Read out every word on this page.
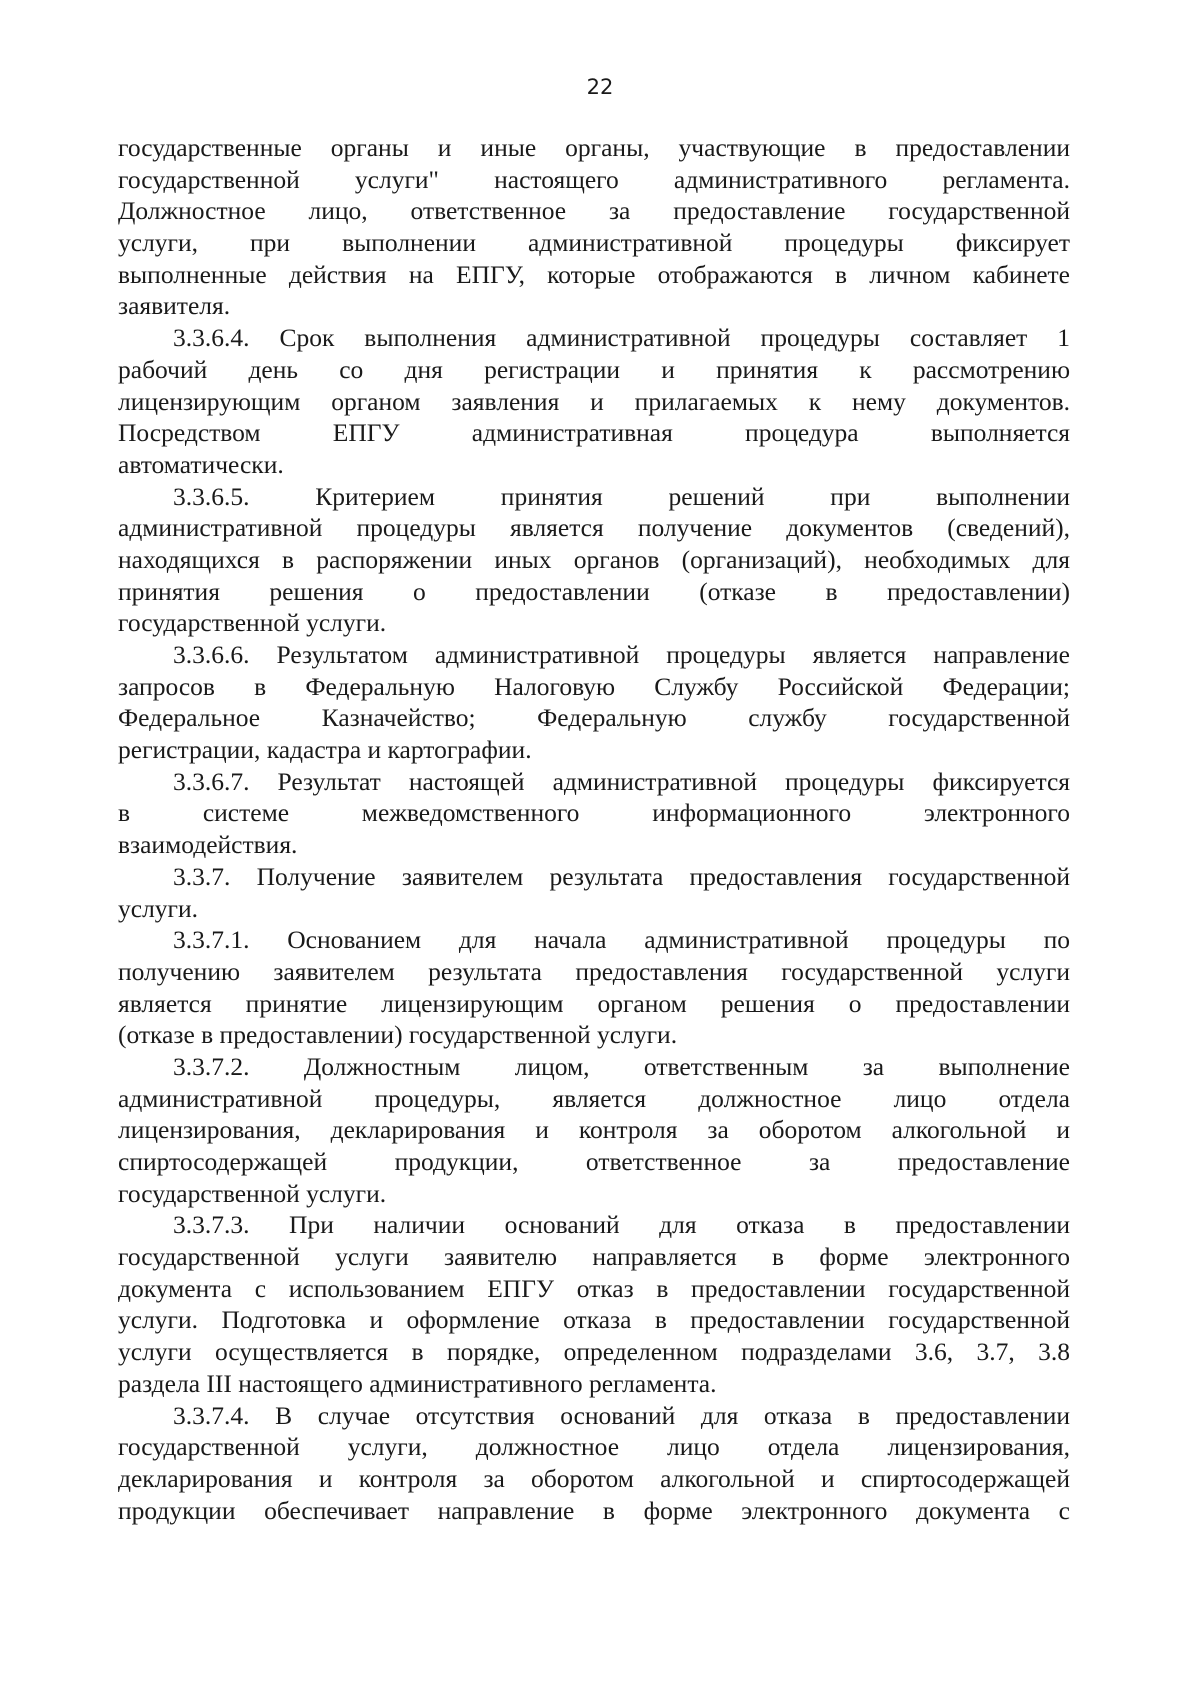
22
государственные органы и иные органы, участвующие в предоставлении
государственной услуги" настоящего административного регламента.
Должностное лицо, ответственное за предоставление государственной
услуги, при выполнении административной процедуры фиксирует
выполненные действия на ЕПГУ, которые отображаются в личном кабинете
заявителя.
3.3.6.4. Срок выполнения административной процедуры составляет 1
рабочий день со дня регистрации и принятия к рассмотрению
лицензирующим органом заявления и прилагаемых к нему документов.
Посредством ЕПГУ административная процедура выполняется
автоматически.
3.3.6.5. Критерием принятия решений при выполнении
административной процедуры является получение документов (сведений),
находящихся в распоряжении иных органов (организаций), необходимых для
принятия решения о предоставлении (отказе в предоставлении)
государственной услуги.
3.3.6.6. Результатом административной процедуры является направление
запросов в Федеральную Налоговую Службу Российской Федерации;
Федеральное Казначейство; Федеральную службу государственной
регистрации, кадастра и картографии.
3.3.6.7. Результат настоящей административной процедуры фиксируется
в системе межведомственного информационного электронного
взаимодействия.
3.3.7. Получение заявителем результата предоставления государственной
услуги.
3.3.7.1. Основанием для начала административной процедуры по
получению заявителем результата предоставления государственной услуги
является принятие лицензирующим органом решения о предоставлении
(отказе в предоставлении) государственной услуги.
3.3.7.2. Должностным лицом, ответственным за выполнение
административной процедуры, является должностное лицо отдела
лицензирования, декларирования и контроля за оборотом алкогольной и
спиртосодержащей продукции, ответственное за предоставление
государственной услуги.
3.3.7.3. При наличии оснований для отказа в предоставлении
государственной услуги заявителю направляется в форме электронного
документа с использованием ЕПГУ отказ в предоставлении государственной
услуги. Подготовка и оформление отказа в предоставлении государственной
услуги осуществляется в порядке, определенном подразделами 3.6, 3.7, 3.8
раздела III настоящего административного регламента.
3.3.7.4. В случае отсутствия оснований для отказа в предоставлении
государственной услуги, должностное лицо отдела лицензирования,
декларирования и контроля за оборотом алкогольной и спиртосодержащей
продукции обеспечивает направление в форме электронного документа с
